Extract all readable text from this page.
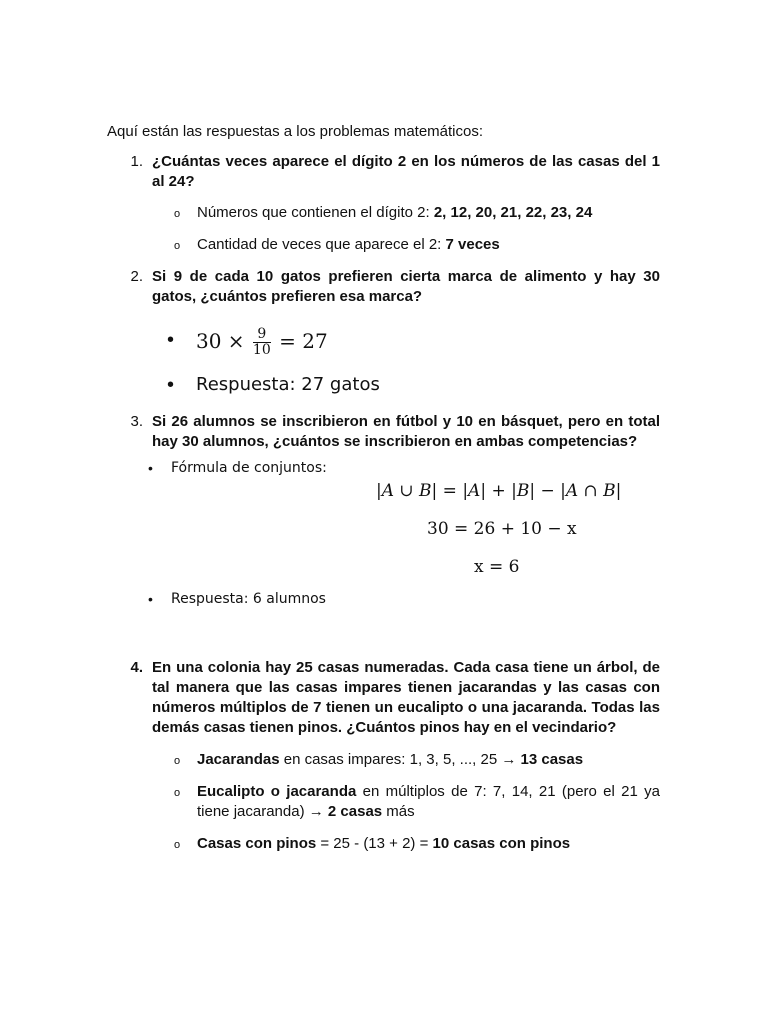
Aquí están las respuestas a los problemas matemáticos:
1. ¿Cuántas veces aparece el dígito 2 en los números de las casas del 1 al 24?
o Números que contienen el dígito 2: 2, 12, 20, 21, 22, 23, 24
o Cantidad de veces que aparece el 2: 7 veces
2. Si 9 de cada 10 gatos prefieren cierta marca de alimento y hay 30 gatos, ¿cuántos prefieren esa marca?
• $30 \times \frac{9}{10} = 27$
• Respuesta: 27 gatos
3. Si 26 alumnos se inscribieron en fútbol y 10 en básquet, pero en total hay 30 alumnos, ¿cuántos se inscribieron en ambas competencias?
• Fórmula de conjuntos:
|A ∪ B| = |A| + |B| − |A ∩ B|
30 = 26 + 10 − x
x = 6
• Respuesta: 6 alumnos
4. En una colonia hay 25 casas numeradas. Cada casa tiene un árbol, de tal manera que las casas impares tienen jacarandas y las casas con números múltiplos de 7 tienen un eucalipto o una jacaranda. Todas las demás casas tienen pinos. ¿Cuántos pinos hay en el vecindario?
o Jacarandas en casas impares: 1, 3, 5, ..., 25 → 13 casas
o Eucalipto o jacaranda en múltiplos de 7: 7, 14, 21 (pero el 21 ya tiene jacaranda) → 2 casas más
o Casas con pinos = 25 - (13 + 2) = 10 casas con pinos
